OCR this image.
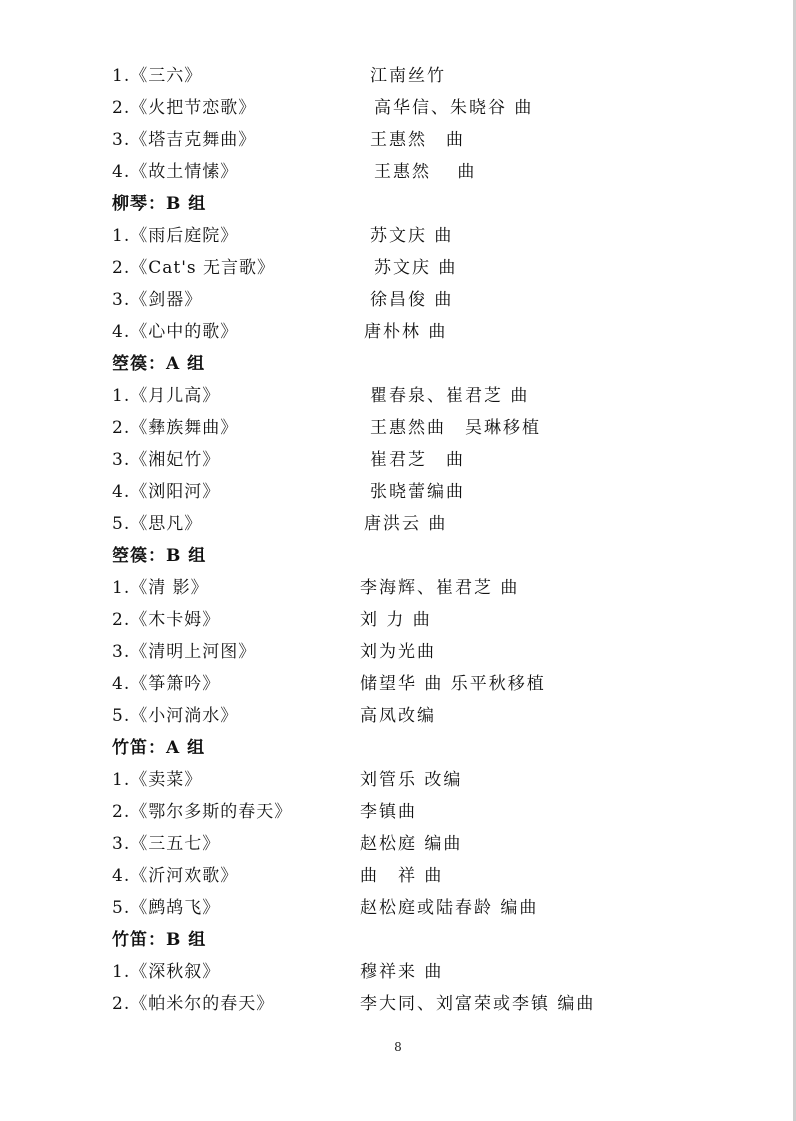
1.《三六》	江南丝竹
2.《火把节恋歌》	高华信、朱晓谷 曲
3.《塔吉克舞曲》	王惠然　曲
4.《故土情愫》	王惠然　 曲
柳琴：B 组
1.《雨后庭院》	苏文庆 曲
2.《Cat's 无言歌》	苏文庆 曲
3.《剑器》	徐昌俊 曲
4.《心中的歌》	唐朴林 曲
箜篌：A 组
1.《月儿高》	瞿春泉、崔君芝 曲
2.《彝族舞曲》	王惠然曲　吴琳移植
3.《湘妃竹》	崔君芝　曲
4.《浏阳河》	张晓蕾编曲
5.《思凡》	唐洪云 曲
箜篌：B 组
1.《清 影》	李海辉、崔君芝 曲
2.《木卡姆》	刘 力 曲
3.《清明上河图》	刘为光曲
4.《筝箫吟》	储望华 曲 乐平秋移植
5.《小河淌水》	高凤改编
竹笛：A 组
1.《卖菜》	刘管乐 改编
2.《鄂尔多斯的春天》	李镇曲
3.《三五七》	赵松庭 编曲
4.《沂河欢歌》	曲　祥 曲
5.《鹧鸪飞》	赵松庭或陆春龄 编曲
竹笛：B 组
1.《深秋叙》	穆祥来 曲
2.《帕米尔的春天》	李大同、刘富荣或李镇 编曲
8
